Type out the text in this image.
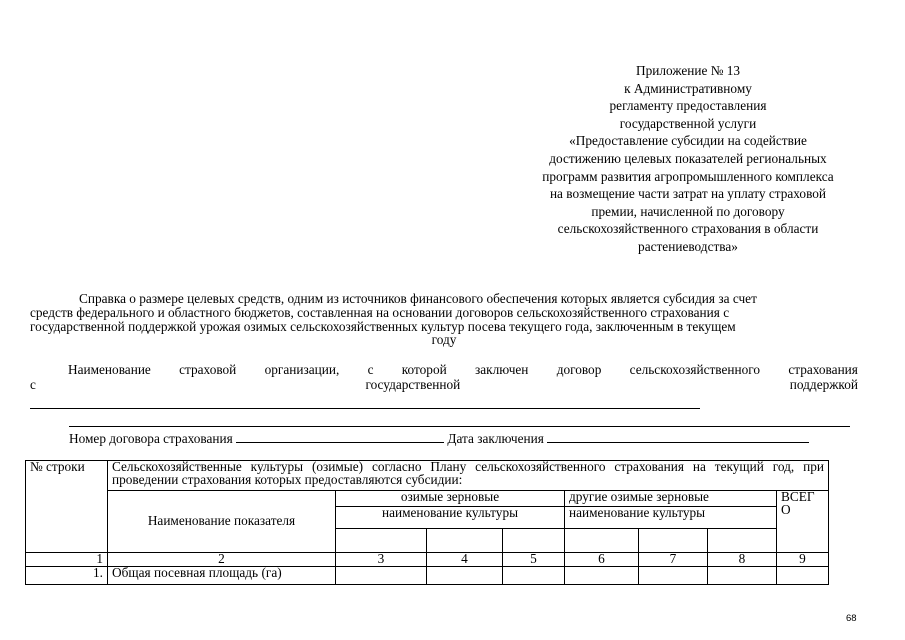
Приложение № 13
к Административному
регламенту предоставления
государственной услуги
«Предоставление субсидии на содействие
достижению целевых показателей региональных
программ развития агропромышленного комплекса
на возмещение части затрат на уплату страховой
премии, начисленной по договору
сельскохозяйственного страхования в области
растениеводства»
Справка о размере целевых средств, одним из источников финансового обеспечения которых является субсидия за счет
средств федерального и областного бюджетов, составленная на основании договоров сельскохозяйственного страхования с
государственной поддержкой урожая озимых сельскохозяйственных культур посева текущего года, заключенным в текущем
году
Наименование страховой организации, с которой заключен договор сельскохозяйственного страхования
с	государственной	поддержкой
Номер договора страхования	Дата заключения
№ строки	Сельскохозяйственные культуры (озимые) согласно Плану сельскохозяйственного страхования на текущий год, при проведении страхования которых предоставляются субсидии:							
	Наименование показателя	озимые зерновые			другие озимые зерновые			ВСЕГО
		наименование культуры			наименование культуры			

1	2	3	4	5	6	7	8	9
1.	Общая посевная площадь (га)							
68
